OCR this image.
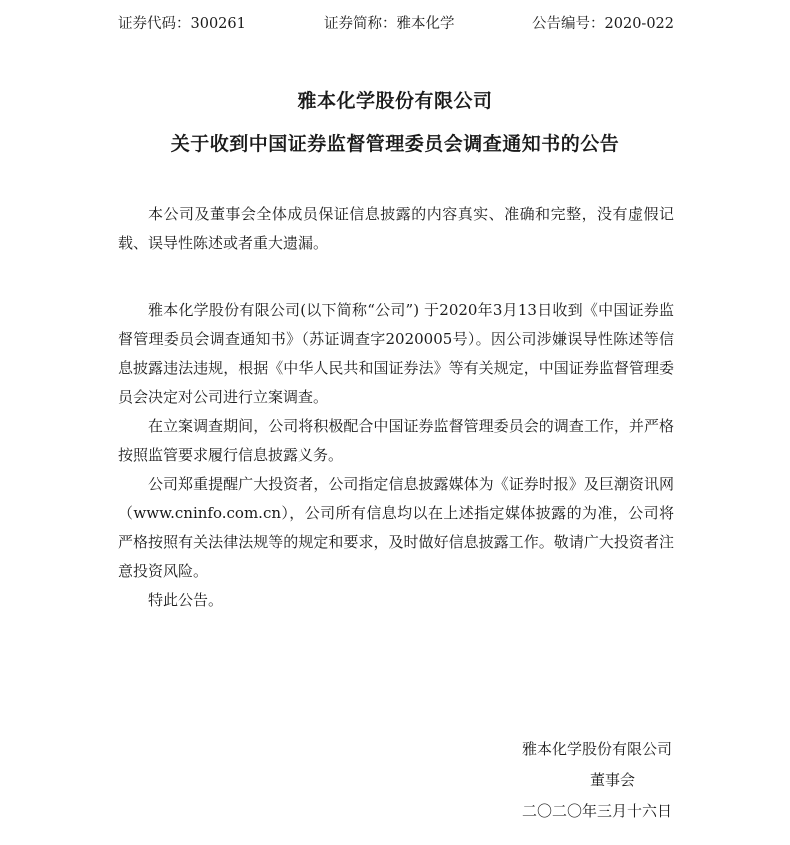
证券代码：300261	证券简称：雅本化学	公告编号：2020-022
雅本化学股份有限公司
关于收到中国证券监督管理委员会调查通知书的公告

本公司及董事会全体成员保证信息披露的内容真实、准确和完整，没有虚假记载、误导性陈述或者重大遗漏。

雅本化学股份有限公司(以下简称“公司”) 于2020年3月13日收到《中国证券监督管理委员会调查通知书》（苏证调查字2020005号）。因公司涉嫌误导性陈述等信息披露违法违规，根据《中华人民共和国证券法》等有关规定，中国证券监督管理委员会决定对公司进行立案调查。

在立案调查期间，公司将积极配合中国证券监督管理委员会的调查工作，并严格按照监管要求履行信息披露义务。

公司郑重提醒广大投资者，公司指定信息披露媒体为《证券时报》及巨潮资讯网（www.cninfo.com.cn），公司所有信息均以在上述指定媒体披露的为准，公司将严格按照有关法律法规等的规定和要求，及时做好信息披露工作。敬请广大投资者注意投资风险。

特此公告。

雅本化学股份有限公司
董事会
二〇二〇年三月十六日
